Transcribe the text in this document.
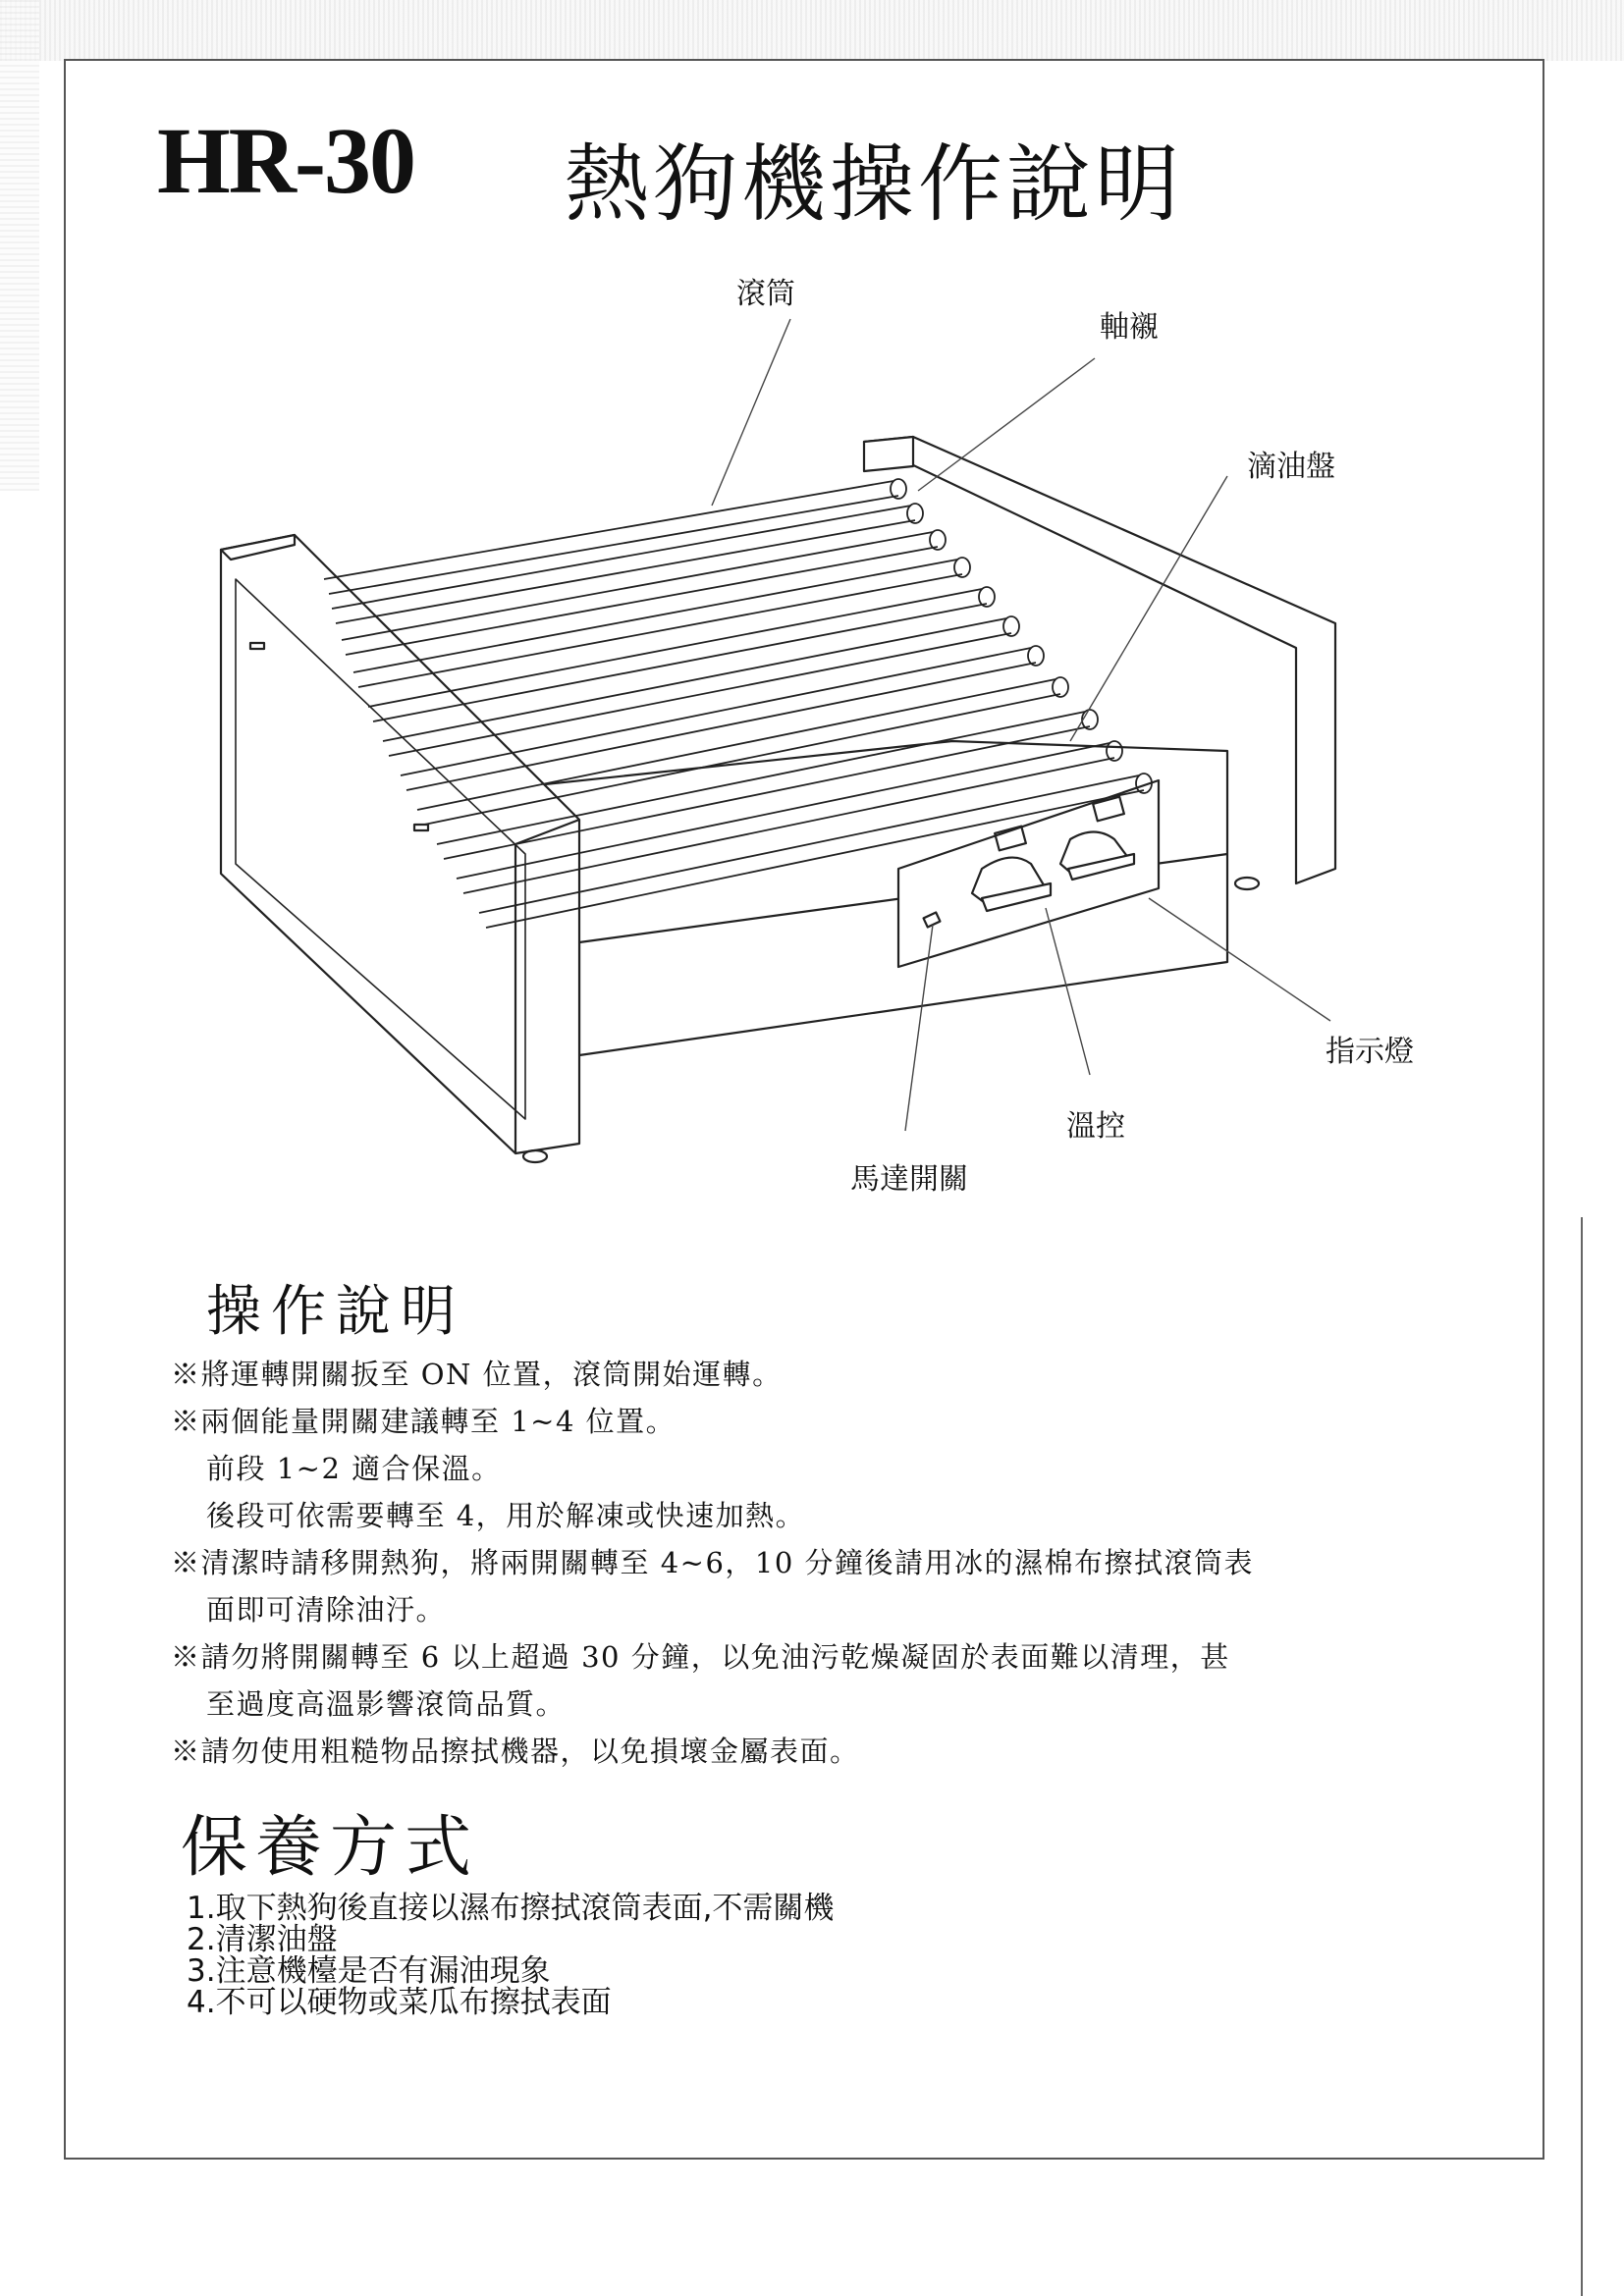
HR-30 熱狗機操作說明
滾筒
軸襯
滴油盤
指示燈
溫控
馬達開關
操作說明
※將運轉開關扳至 ON 位置，滾筒開始運轉。
※兩個能量開關建議轉至 1~4 位置。
前段 1~2 適合保溫。
後段可依需要轉至 4，用於解凍或快速加熱。
※清潔時請移開熱狗，將兩開關轉至 4~6，10 分鐘後請用冰的濕棉布擦拭滾筒表
面即可清除油汙。
※請勿將開關轉至 6 以上超過 30 分鐘，以免油污乾燥凝固於表面難以清理，甚
至過度高溫影響滾筒品質。
※請勿使用粗糙物品擦拭機器，以免損壞金屬表面。
保養方式
1.取下熱狗後直接以濕布擦拭滾筒表面,不需關機
2.清潔油盤
3.注意機檯是否有漏油現象
4.不可以硬物或菜瓜布擦拭表面
